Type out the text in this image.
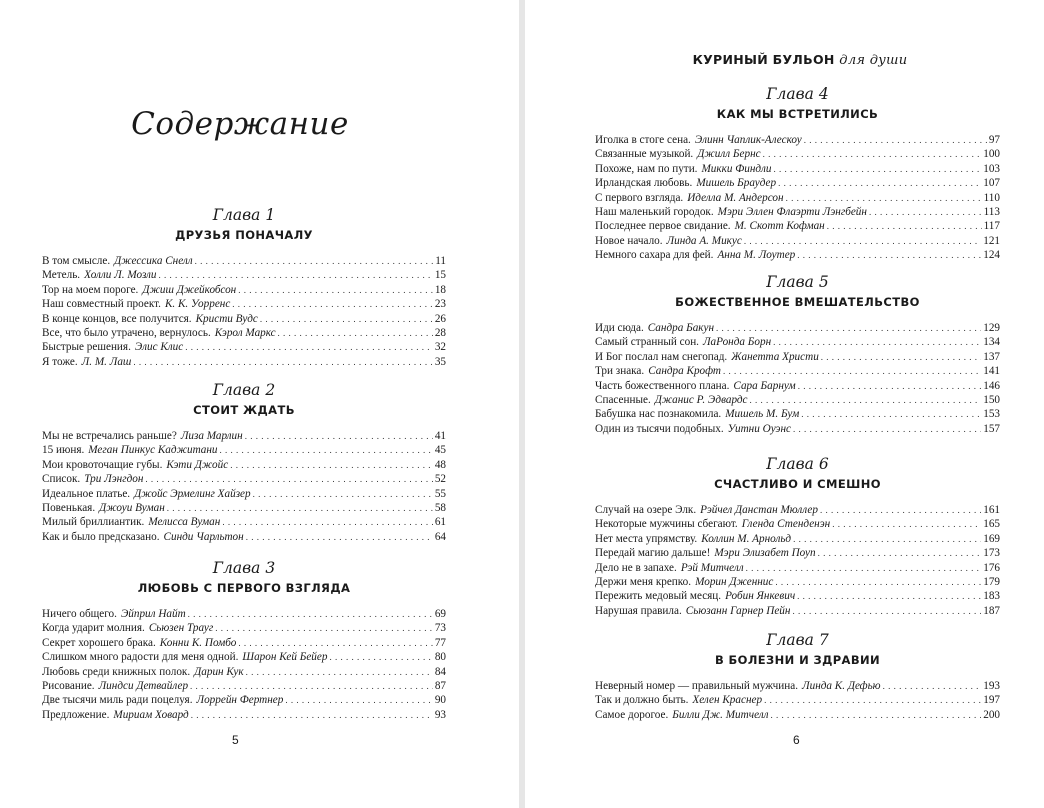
Содержание
Глава 1
ДРУЗЬЯ ПОНАЧАЛУ
В том смысле. Джессика Снелл . . .	11
Метель. Холли Л. Мозли . . .	15
Тор на моем пороге. Джиш Джейкобсон . . .	18
Наш совместный проект. К. К. Уорренс . . .	23
В конце концов, все получится. Кристи Вудс . . .	26
Все, что было утрачено, вернулось. Кэрол Маркс . . .	28
Быстрые решения. Элис Клис . . .	32
Я тоже. Л. М. Лаш . . .	35
Глава 2
СТОИТ ЖДАТЬ
Мы не встречались раньше? Лиза Марлин . . .	41
15 июня. Меган Пинкус Каджитани . . .	45
Мои кровоточащие губы. Кэти Джойс . . .	48
Список. Три Лэнгдон . . .	52
Идеальное платье. Джойс Эрмелинг Хайзер . . .	55
Повенькая. Джоуи Вуман . . .	58
Милый бриллиантик. Мелисса Вуман . . .	61
Как и было предсказано. Синди Чарльтон . . .	64
Глава 3
ЛЮБОВЬ С ПЕРВОГО ВЗГЛЯДА
Ничего общего. Эйприл Найт . . .	69
Когда ударит молния. Сьюзен Трауг . . .	73
Секрет хорошего брака. Конни К. Помбо . . .	77
Слишком много радости для меня одной. Шарон Кей Бейер . . .	80
Любовь среди книжных полок. Дарин Кук . . .	84
Рисование. Линдси Детвайлер . . .	87
Две тысячи миль ради поцелуя. Лоррейн Фертнер . . .	90
Предложение. Мириам Ховард . . .	93
5
КУРИНЫЙ БУЛЬОН для души
Глава 4
КАК МЫ ВСТРЕТИЛИСЬ
Иголка в стоге сена. Элинн Чаплик-Алескоу . . .	97
Связанные музыкой. Джилл Бернс . . .	100
Похоже, нам по пути. Микки Финдли . . .	103
Ирландская любовь. Мишель Браудер . . .	107
С первого взгляда. Иделла М. Андерсон . . .	110
Наш маленький городок. Мэри Эллен Флаэрти Лэнгбейн . . .	113
Последнее первое свидание. М. Скотт Кофман . . .	117
Новое начало. Линда А. Микус . . .	121
Немного сахара для фей. Анна М. Лоутер . . .	124
Глава 5
БОЖЕСТВЕННОЕ ВМЕШАТЕЛЬСТВО
Иди сюда. Сандра Бакун . . .	129
Самый странный сон. ЛаРонда Борн . . .	134
И Бог послал нам снегопад. Жанетта Христи . . .	137
Три знака. Сандра Крофт . . .	141
Часть божественного плана. Сара Барнум . . .	146
Спасенные. Джанис Р. Эдвардс . . .	150
Бабушка нас познакомила. Мишель М. Бум . . .	153
Один из тысячи подобных. Уитни Оуэнс . . .	157
Глава 6
СЧАСТЛИВО И СМЕШНО
Случай на озере Элк. Рэйчел Данстан Мюллер . . .	161
Некоторые мужчины сбегают. Гленда Стенденэн . . .	165
Нет места упрямству. Коллин М. Арнольд . . .	169
Передай магию дальше! Мэри Элизабет Поуп . . .	173
Дело не в запахе. Рэй Митчелл . . .	176
Держи меня крепко. Морин Дженнис . . .	179
Пережить медовый месяц. Робин Янкевич . . .	183
Нарушая правила. Сьюзанн Гарнер Пейн . . .	187
Глава 7
В БОЛЕЗНИ И ЗДРАВИИ
Неверный номер — правильный мужчина. Линда К. Дефью . . .	193
Так и должно быть. Хелен Краснер . . .	197
Самое дорогое. Билли Дж. Митчелл . . .	200
6
